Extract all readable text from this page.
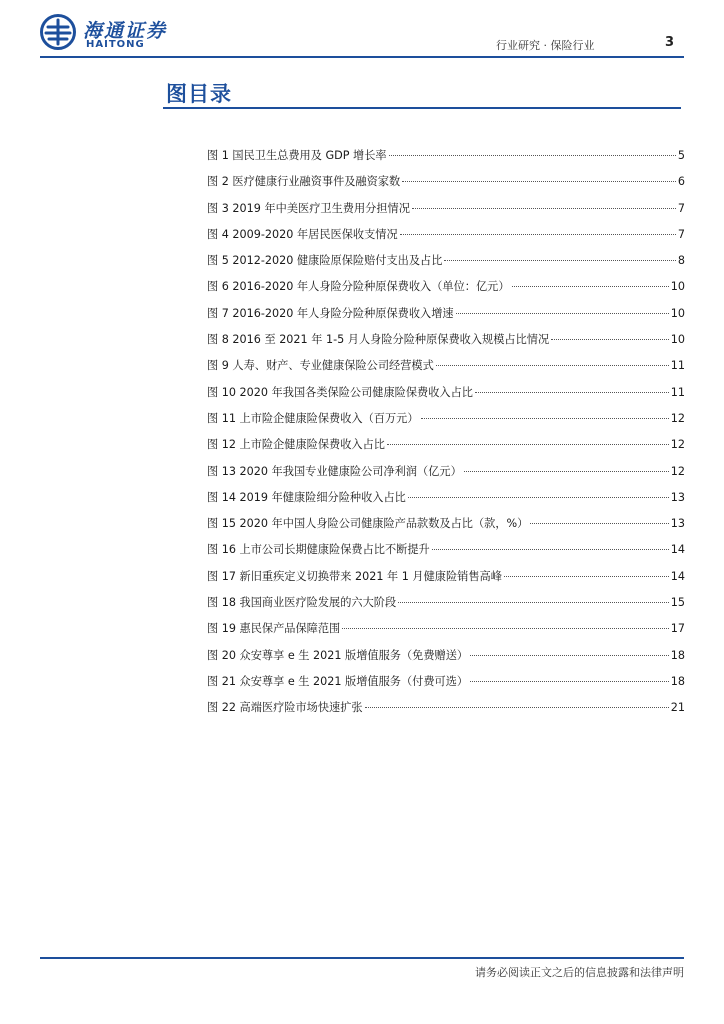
海通证券
HAITONG	行业研究 · 保险行业	3
图目录
图 1 国民卫生总费用及 GDP 增长率	5
图 2 医疗健康行业融资事件及融资家数	6
图 3 2019 年中美医疗卫生费用分担情况	7
图 4 2009-2020 年居民医保收支情况	7
图 5 2012-2020 健康险原保险赔付支出及占比	8
图 6 2016-2020 年人身险分险种原保费收入（单位：亿元）	10
图 7 2016-2020 年人身险分险种原保费收入增速	10
图 8 2016 至 2021 年 1-5 月人身险分险种原保费收入规模占比情况	10
图 9 人寿、财产、专业健康保险公司经营模式	11
图 10 2020 年我国各类保险公司健康险保费收入占比	11
图 11 上市险企健康险保费收入（百万元）	12
图 12 上市险企健康险保费收入占比	12
图 13 2020 年我国专业健康险公司净利润（亿元）	12
图 14 2019 年健康险细分险种收入占比	13
图 15 2020 年中国人身险公司健康险产品款数及占比（款，%）	13
图 16 上市公司长期健康险保费占比不断提升	14
图 17 新旧重疾定义切换带来 2021 年 1 月健康险销售高峰	14
图 18 我国商业医疗险发展的六大阶段	15
图 19 惠民保产品保障范围	17
图 20 众安尊享 e 生 2021 版增值服务（免费赠送）	18
图 21 众安尊享 e 生 2021 版增值服务（付费可选）	18
图 22 高端医疗险市场快速扩张	21
请务必阅读正文之后的信息披露和法律声明
